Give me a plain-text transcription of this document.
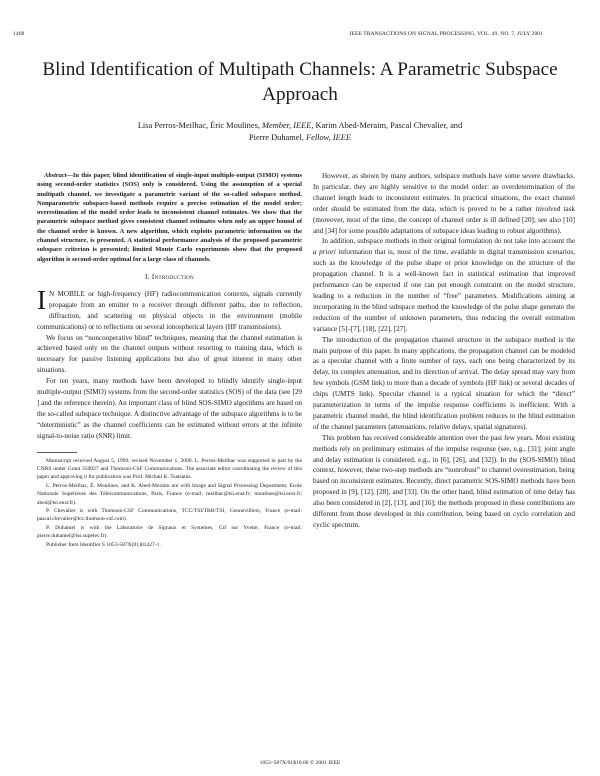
1468	IEEE TRANSACTIONS ON SIGNAL PROCESSING, VOL. 49, NO. 7, JULY 2001
Blind Identification of Multipath Channels: A Parametric Subspace Approach
Lisa Perros-Meilhac, Éric Moulines, Member, IEEE, Karim Abed-Meraim, Pascal Chevalier, and
Pierre Duhamel, Fellow, IEEE

Abstract—In this paper, blind identification of single-input multiple-output (SIMO) systems using second-order statistics (SOS) only is considered. Using the assumption of a special multipath channel, we investigate a parametric variant of the so-called subspace method. Nonparametric subspace-based methods require a precise estimation of the model order; overestimation of the model order leads to inconsistent channel estimates. We show that the parametric subspace method gives consistent channel estimates when only an upper bound of the channel order is known. A new algorithm, which exploits parametric information on the channel structure, is presented. A statistical performance analysis of the proposed parametric subspace criterion is presented; limited Monte Carlo experiments show that the proposed algorithm is second-order optimal for a large class of channels.

I. Introduction

I N MOBILE or high-frequency (HF) radiocommunication contexts, signals currently propagate from an emitter to a receiver through different paths, due to reflection, diffraction, and scattering on physical objects in the environment (mobile communications) or to reflections on several ionospherical layers (HF transmissions).

We focus on “noncooperative blind” techniques, meaning that the channel estimation is achieved based only on the channel outputs without resorting to training data, which is necessary for passive listening applications but also of great interest in many other situations.

For ten years, many methods have been developed to blindly identify single-input multiple-output (SIMO) systems from the second-order statistics (SOS) of the data (see [29 ] and the reference therein). An important class of blind SOS-SIMO algorithms are based on the so-called subspace technique. A distinctive advantage of the subspace algorithms is to be “deterministic” as the channel coefficients can be estimated without errors at the infinite signal-to-noise ratio (SNR) limit.

Manuscript received August 5, 1999; revised November 1, 2000. L. Perros-Meilhac was supported in part by the CNRS under Grant 350027 and Thomson-CSF Communications. The associate editor coordinating the review of this paper and approving it for publication was Prof. Michail K. Tsatsanis.

L. Perros-Meilhac, É. Moulines, and K. Abed-Meraim are with Image and Signal Processing Department, Ecole Nationale Supérieure des Télécommunications, Paris, France (e-mail: meilhac@tsi.enst.fr; moulines@tsi.enst.fr; abed@tsi.enst.fr).

P. Chevalier is with Thomson-CSF Communications, TCC/TSI/TBR/TSI, Gennevilliers, France (e-mail: pascal.chevalier@tcc.thomson-csf.com).

P. Duhamel is with the Laboratoire de Signaux et Systemes, Gif sur Yvette, France (e-mail: pierre.duhamel@lss.supelec.fr).

Publisher Item Identifier S 1053-587X(01)01427-1.

However, as shown by many authors, subspace methods have some severe drawbacks. In particular, they are highly sensitive to the model order: an overdetermination of the channel length leads to inconsistent estimates. In practical situations, the exact channel order should be estimated from the data, which is proved to be a rather involved task (moreover, most of the time, the concept of channel order is ill defined [20]; see also [10] and [34] for some possible adaptations of subspace ideas leading to robust algorithms).

In addition, subspace methods in their original formulation do not take into account the a priori information that is, most of the time, available in digital transmission scenarios, such as the knowledge of the pulse shape or prior knowledge on the structure of the propagation channel. It is a well-known fact in statistical estimation that improved performance can be expected if one can put enough constraint on the model structure, leading to a reduction in the number of “free” parameters. Modifications aiming at incorporating in the blind subspace method the knowledge of the pulse shape generate the reduction of the number of unknown parameters, thus reducing the overall estimation variance [5]–[7], [18], [22], [27].

The introduction of the propagation channel structure in the subspace method is the main purpose of this paper. In many applications, the propagation channel can be modeled as a specular channel with a finite number of rays, each one being characterized by its delay, its complex attenuation, and its direction of arrival. The delay spread may vary from few symbols (GSM link) to more than a decade of symbols (HF link) or several decades of chips (UMTS link). Specular channel is a typical situation for which the “direct” parameterization in terms of the impulse response coefficients is inefficient. With a parametric channel model, the blind identification problem reduces to the blind estimation of the channel parameters (attenuations, relative delays, spatial signatures).

This problem has received considerable attention over the past few years. Most existing methods rely on preliminary estimates of the impulse response (see, e.g., [31]; joint angle and delay estimation is considered, e.g., in [6], [26], and [32]). In the (SOS-SIMO) blind context, however, these two-step methods are “nonrobust” to channel overestimation, being based on inconsistent estimates. Recently, direct parametric SOS-SIMO methods have been proposed in [9], [12], [28], and [33]. On the other hand, blind estimation of time delay has also been considered in [2], [13], and [16]; the methods proposed in these contributions are different from those developed in this contribution, being based on cyclo correlation and cyclic spectrum.

1053–587X/01$10.00 © 2001 IEEE
